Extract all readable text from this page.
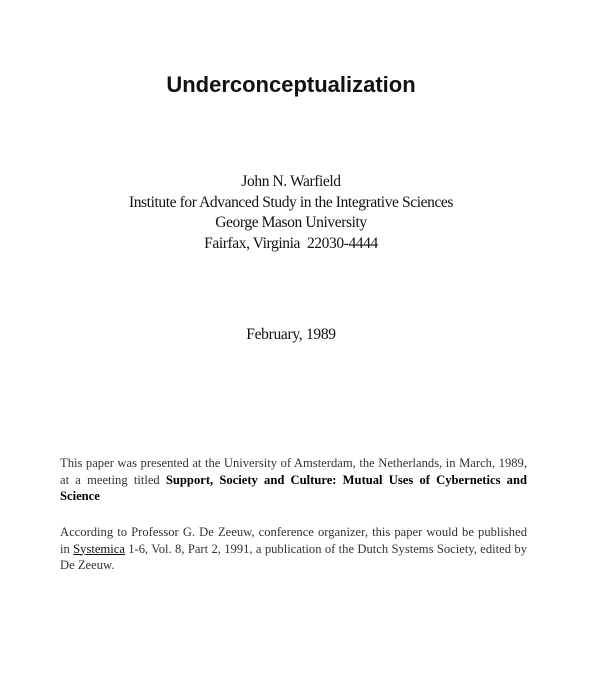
Underconceptualization
John N. Warfield
Institute for Advanced Study in the Integrative Sciences
George Mason University
Fairfax, Virginia  22030-4444
February, 1989
This paper was presented at the University of Amsterdam, the Netherlands, in March, 1989, at a meeting titled Support, Society and Culture: Mutual Uses of Cybernetics and Science
According to Professor G. De Zeeuw, conference organizer, this paper would be published in Systemica 1-6, Vol. 8, Part 2, 1991, a publication of the Dutch Systems Society, edited by De Zeeuw.
